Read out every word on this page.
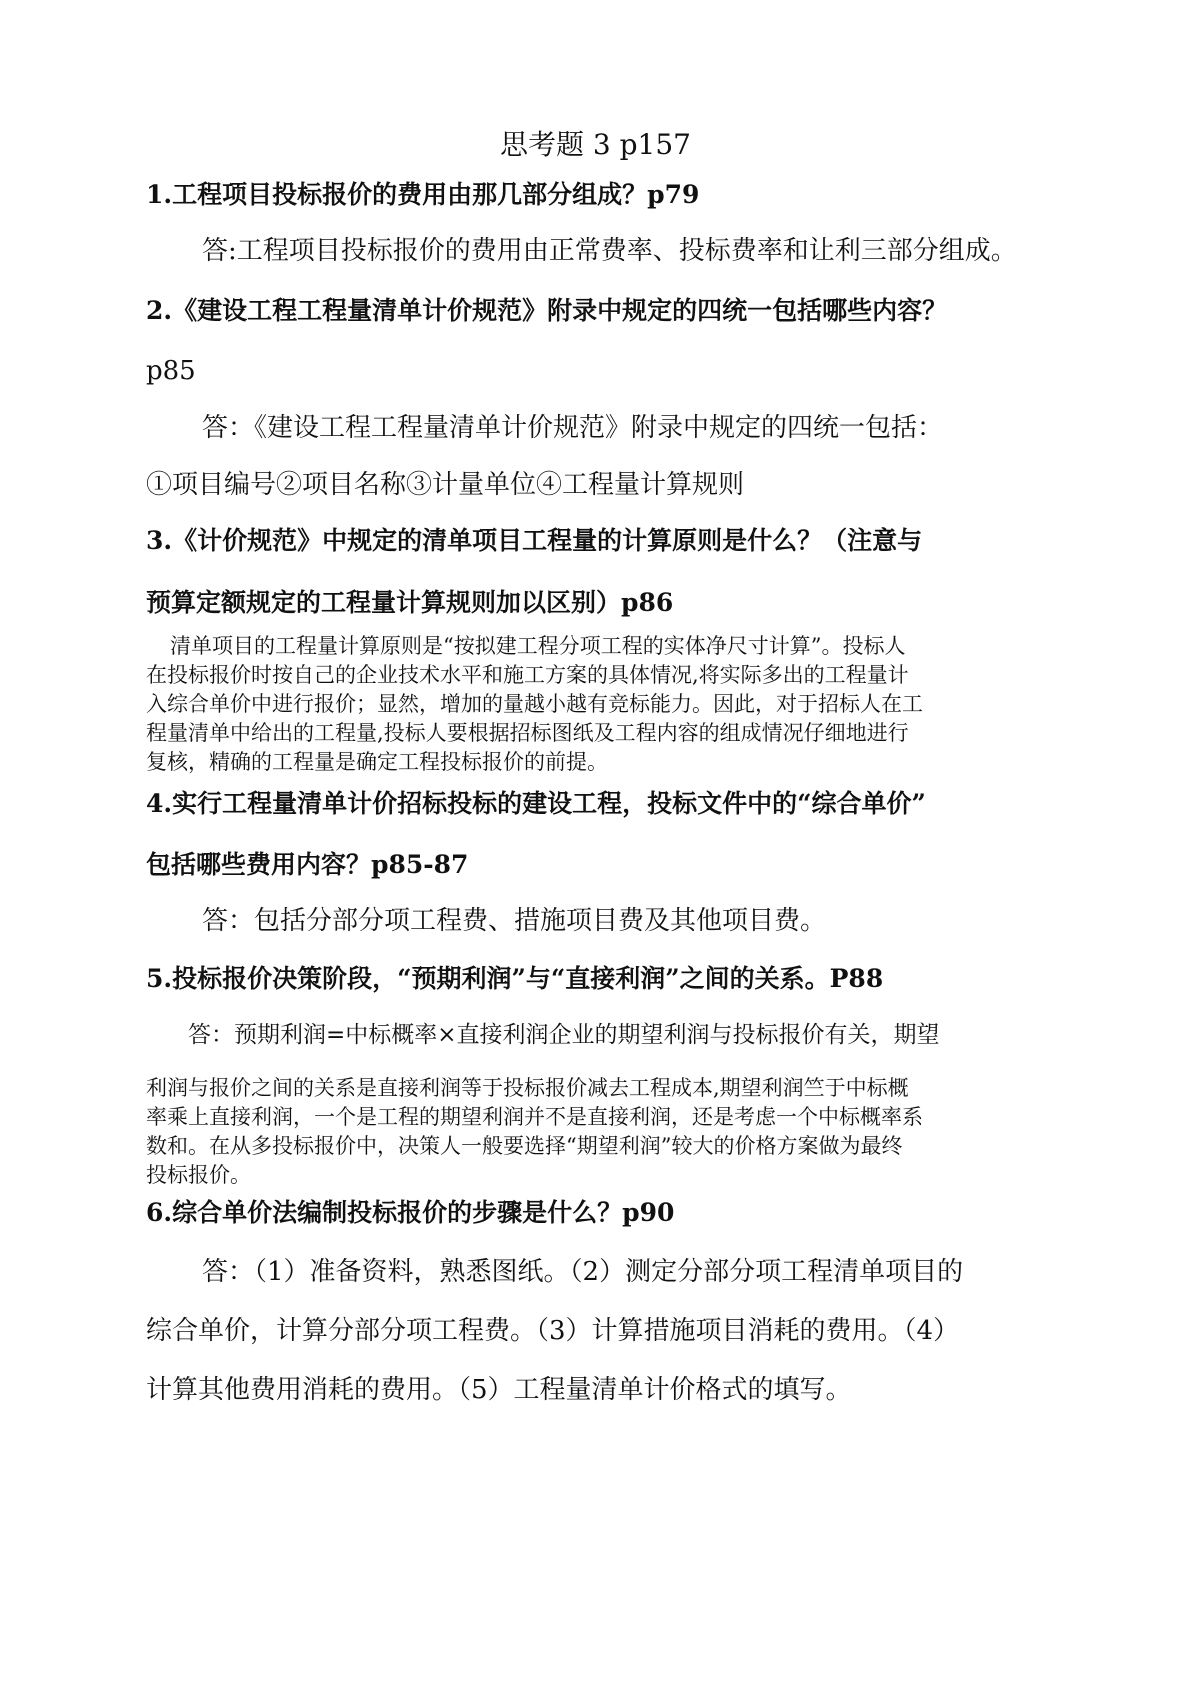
思考题 3 p157
1.工程项目投标报价的费用由那几部分组成？p79
答:工程项目投标报价的费用由正常费率、投标费率和让利三部分组成。
2.《建设工程工程量清单计价规范》附录中规定的四统一包括哪些内容？
p85
答：《建设工程工程量清单计价规范》附录中规定的四统一包括：
①项目编号②项目名称③计量单位④工程量计算规则
3.《计价规范》中规定的清单项目工程量的计算原则是什么？（注意与
预算定额规定的工程量计算规则加以区别）p86
清单项目的工程量计算原则是“按拟建工程分项工程的实体净尺寸计算”。投标人
在投标报价时按自己的企业技术水平和施工方案的具体情况,将实际多出的工程量计
入综合单价中进行报价；显然，增加的量越小越有竞标能力。因此，对于招标人在工
程量清单中给出的工程量,投标人要根据招标图纸及工程内容的组成情况仔细地进行
复核，精确的工程量是确定工程投标报价的前提。
4.实行工程量清单计价招标投标的建设工程，投标文件中的“综合单价”
包括哪些费用内容？p85-87
答：包括分部分项工程费、措施项目费及其他项目费。
5.投标报价决策阶段，“预期利润”与“直接利润”之间的关系。P88
答：预期利润=中标概率×直接利润企业的期望利润与投标报价有关，期望
利润与报价之间的关系是直接利润等于投标报价减去工程成本,期望利润竺于中标概
率乘上直接利润，一个是工程的期望利润并不是直接利润，还是考虑一个中标概率系
数和。在从多投标报价中，决策人一般要选择“期望利润”较大的价格方案做为最终
投标报价。
6.综合单价法编制投标报价的步骤是什么？p90
答：（1）准备资料，熟悉图纸。（2）测定分部分项工程清单项目的
综合单价，计算分部分项工程费。（3）计算措施项目消耗的费用。（4）
计算其他费用消耗的费用。（5）工程量清单计价格式的填写。
